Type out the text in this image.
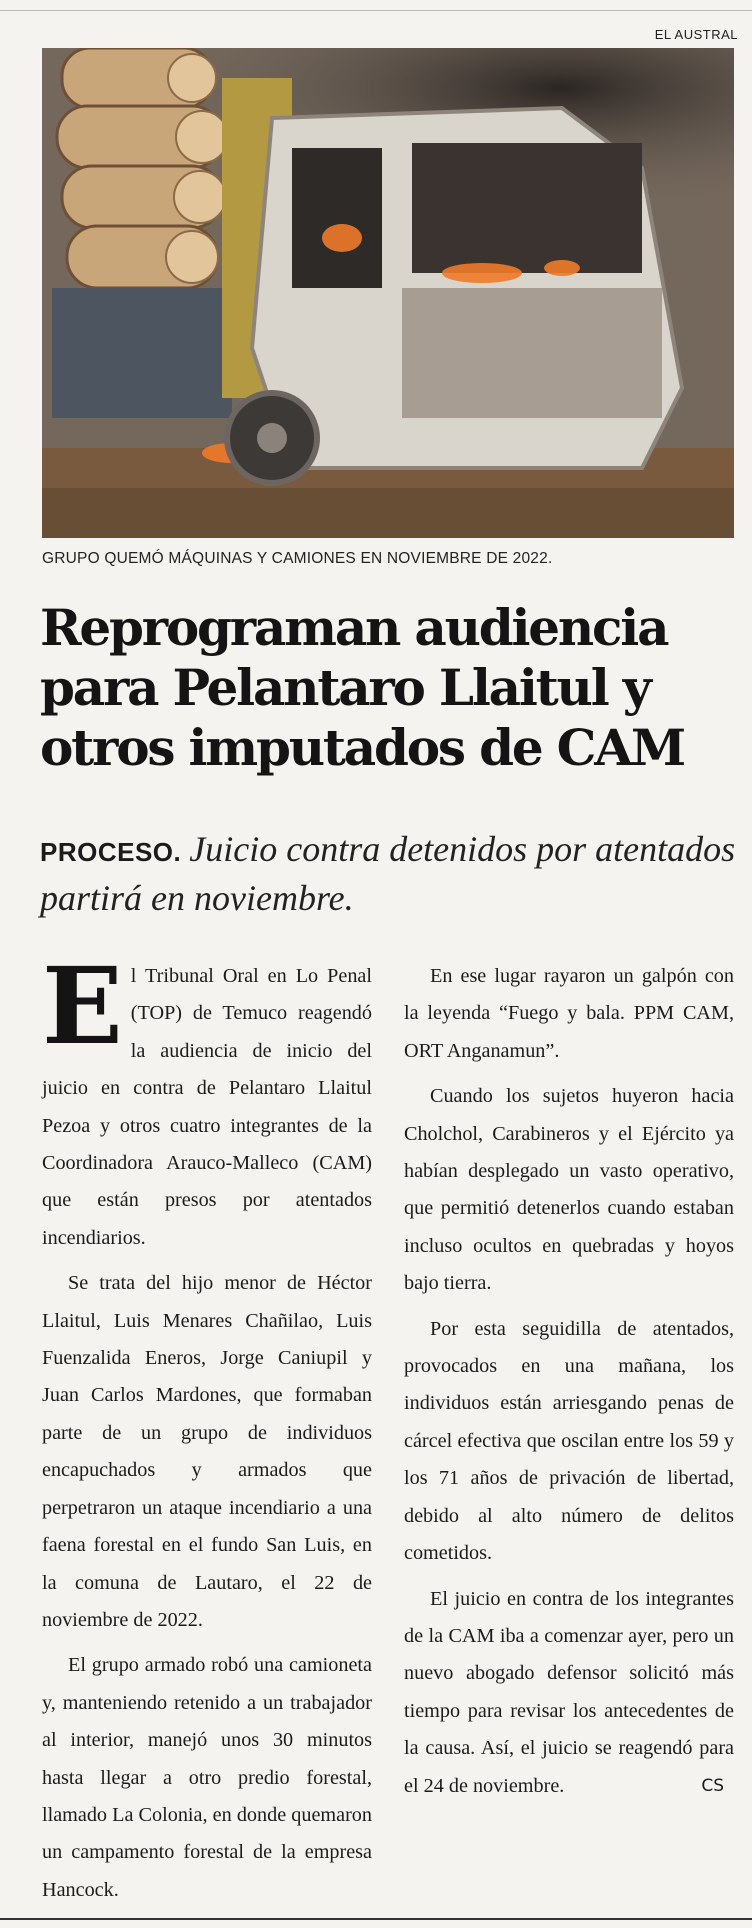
EL AUSTRAL
GRUPO QUEMÓ MÁQUINAS Y CAMIONES EN NOVIEMBRE DE 2022.
Reprograman audiencia para Pelantaro Llaitul y otros imputados de CAM
PROCESO. Juicio contra detenidos por atentados partirá en noviembre.

El Tribunal Oral en Lo Penal (TOP) de Temuco reagendó la audiencia de inicio del juicio en contra de Pelantaro Llaitul Pezoa y otros cuatro integrantes de la Coordinadora Arauco-Malleco (CAM) que están presos por atentados incendiarios.

Se trata del hijo menor de Héctor Llaitul, Luis Menares Chañilao, Luis Fuenzalida Eneros, Jorge Caniupil y Juan Carlos Mardones, que formaban parte de un grupo de individuos encapuchados y armados que perpetraron un ataque incendiario a una faena forestal en el fundo San Luis, en la comuna de Lautaro, el 22 de noviembre de 2022.

El grupo armado robó una camioneta y, manteniendo retenido a un trabajador al interior, manejó unos 30 minutos hasta llegar a otro predio forestal, llamado La Colonia, en donde quemaron un campamento forestal de la empresa Hancock.

En ese lugar rayaron un galpón con la leyenda “Fuego y bala. PPM CAM, ORT Anganamun”.

Cuando los sujetos huyeron hacia Cholchol, Carabineros y el Ejército ya habían desplegado un vasto operativo, que permitió detenerlos cuando estaban incluso ocultos en quebradas y hoyos bajo tierra.

Por esta seguidilla de atentados, provocados en una mañana, los individuos están arriesgando penas de cárcel efectiva que oscilan entre los 59 y los 71 años de privación de libertad, debido al alto número de delitos cometidos.

El juicio en contra de los integrantes de la CAM iba a comenzar ayer, pero un nuevo abogado defensor solicitó más tiempo para revisar los antecedentes de la causa. Así, el juicio se reagendó para el 24 de noviembre.	CS
